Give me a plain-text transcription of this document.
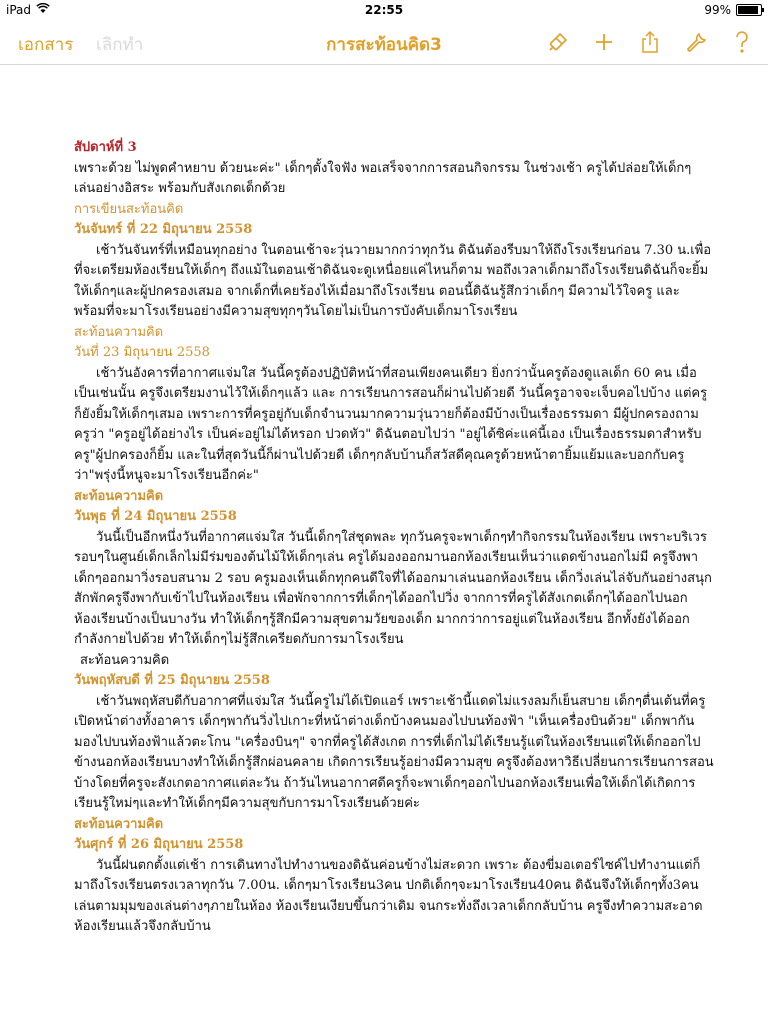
iPad	22:55	99%
เอกสาร เลิกทำ	การสะท้อนคิด3

สัปดาห์ที่ 3

เพราะด้วย ไม่พูดคำหยาบ ด้วยนะค่ะ" เด็กๆตั้งใจฟัง พอเสร็จจากการสอนกิจกรรม ในช่วงเช้า ครูได้ปล่อยให้เด็กๆ เล่นอย่างอิสระ พร้อมกับสังเกตเด็กด้วย

การเขียนสะท้อนคิด

วันจันทร์ ที่ 22 มิถุนายน 2558

เช้าวันจันทร์ที่เหมือนทุกอย่าง ในตอนเช้าจะวุ่นวายมากกว่าทุกวัน ดิฉันต้องรีบมาให้ถึงโรงเรียนก่อน 7.30 น.เพื่อที่จะเตรียมห้องเรียนให้เด็กๆ ถึงแม้ในตอนเช้าดิฉันจะดูเหนื่อยแค่ไหนก็ตาม พอถึงเวลาเด็กมาถึงโรงเรียนดิฉันก็จะยิ้มให้เด็กๆและผู้ปกครองเสมอ จากเด็กที่เคยร้องไห้เมื่อมาถึงโรงเรียน ตอนนี้ดิฉันรู้สึกว่าเด็กๆ มีความไว้ใจครู และ พร้อมที่จะมาโรงเรียนอย่างมีความสุขทุกๆวันโดยไม่เป็นการบังคับเด็กมาโรงเรียน

สะท้อนความคิด

วันที่ 23 มิถุนายน 2558

เช้าวันอังคารที่อากาศแจ่มใส วันนี้ครูต้องปฏิบัติหน้าที่สอนเพียงคนเดียว ยิ่งกว่านั้นครูต้องดูแลเด็ก 60 คน เมื่อเป็นเช่นนั้น ครูจึงเตรียมงานไว้ให้เด็กๆแล้ว และ การเรียนการสอนก็ผ่านไปด้วยดี วันนี้ครูอาจจะเจ็บคอไปบ้าง แต่ครูก็ยังยิ้มให้เด็กๆเสมอ เพราะการที่ครูอยู่กับเด็กจำนวนมากความวุ่นวายก็ต้องมีบ้างเป็นเรื่องธรรมดา มีผู้ปกครองถามครูว่า "ครูอยู่ได้อย่างไร เป็นค่ะอยู่ไม่ได้หรอก ปวดหัว" ดิฉันตอบไปว่า "อยู่ได้ซิค่ะแค่นี้เอง เป็นเรื่องธรรมดาสำหรับครู"ผู้ปกครองก็ยิ้ม และในที่สุดวันนี้ก็ผ่านไปด้วยดี เด็กๆกลับบ้านก็สวัสดีคุณครูด้วยหน้าตายิ้มแย้มและบอกกับครูว่า"พรุ่งนี้หนูจะมาโรงเรียนอีกค่ะ"

สะท้อนความคิด

วันพุธ ที่ 24 มิถุนายน 2558

วันนี้เป็นอีกหนึ่งวันที่อากาศแจ่มใส วันนี้เด็กๆใส่ชุดพละ ทุกวันครูจะพาเด็กๆทำกิจกรรมในห้องเรียน เพราะบริเวรรอบๆในศูนย์เด็กเล็กไม่มีร่มของต้นไม้ให้เด็กๆเล่น ครูได้มองออกมานอกห้องเรียนเห็นว่าแดดข้างนอกไม่มี ครูจึงพาเด็กๆออกมาวิ่งรอบสนาม 2 รอบ ครูมองเห็นเด็กทุกคนดีใจที่ได้ออกมาเล่นนอกห้องเรียน เด็กวิ่งเล่นไล่จับกันอย่างสนุก สักพักครูจึงพากับเข้าไปในห้องเรียน เพื่อพักจากการที่เด็กๆได้ออกไปวิ่ง จากการที่ครูได้สังเกตเด็กๆได้ออกไปนอกห้องเรียนบ้างเป็นบางวัน ทำให้เด็กๆรู้สึกมีความสุขตามวัยของเด็ก มากกว่าการอยู่แต่ในห้องเรียน อีกทั้งยังได้ออกกำลังกายไปด้วย ทำให้เด็กๆไม่รู้สึกเครียดกับการมาโรงเรียน

สะท้อนความคิด

วันพฤหัสบดี ที่ 25 มิถุนายน 2558

เช้าวันพฤหัสบดีกับอากาศที่แจ่มใส วันนี้ครูไม่ได้เปิดแอร์ เพราะเช้านี้แดดไม่แรงลมก็เย็นสบาย เด็กๆตื่นเต้นที่ครูเปิดหน้าต่างทั้งอาคาร เด็กๆพากันวิ่งไปเกาะที่หน้าต่างเด็กบ้างคนมองไปบนท้องฟ้า "เห็นเครื่องบินด้วย" เด็กพากันมองไปบนท้องฟ้าแล้วตะโกน "เครื่องบินๆ" จากที่ครูได้สังเกต การที่เด็กไม่ได้เรียนรู้แต่ในห้องเรียนแต่ให้เด็กออกไปข้างนอกห้องเรียนบางทำให้เด็กรู้สึกผ่อนคลาย เกิดการเรียนรู้อย่างมีความสุข ครูจึงต้องหาวิธีเปลี่ยนการเรียนการสอนบ้างโดยที่ครูจะสังเกตอากาศแต่ละวัน ถ้าวันไหนอากาศดีครูก็จะพาเด็กๆออกไปนอกห้องเรียนเพื่อให้เด็กได้เกิดการเรียนรู้ใหม่ๆและทำให้เด็กๆมีความสุขกับการมาโรงเรียนด้วยค่ะ

สะท้อนความคิด

วันศุกร์ ที่ 26 มิถุนายน 2558

วันนี้ฝนตกตั้งแต่เช้า การเดินทางไปทำงานของดิฉันค่อนข้างไม่สะดวก เพราะ ต้องขี่มอเตอร์ไซค์ไปทำงานแต่ก็มาถึงโรงเรียนตรงเวลาทุกวัน 7.00น. เด็กๆมาโรงเรียน3คน ปกติเด็กๆจะมาโรงเรียน40คน ดิฉันจึงให้เด็กๆทั้ง3คนเล่นตามมุมของเล่นต่างๆภายในห้อง ห้องเรียนเงียบขึ้นกว่าเดิม จนกระทั่งถึงเวลาเด็กกลับบ้าน ครูจึงทำความสะอาดห้องเรียนแล้วจึงกลับบ้าน
